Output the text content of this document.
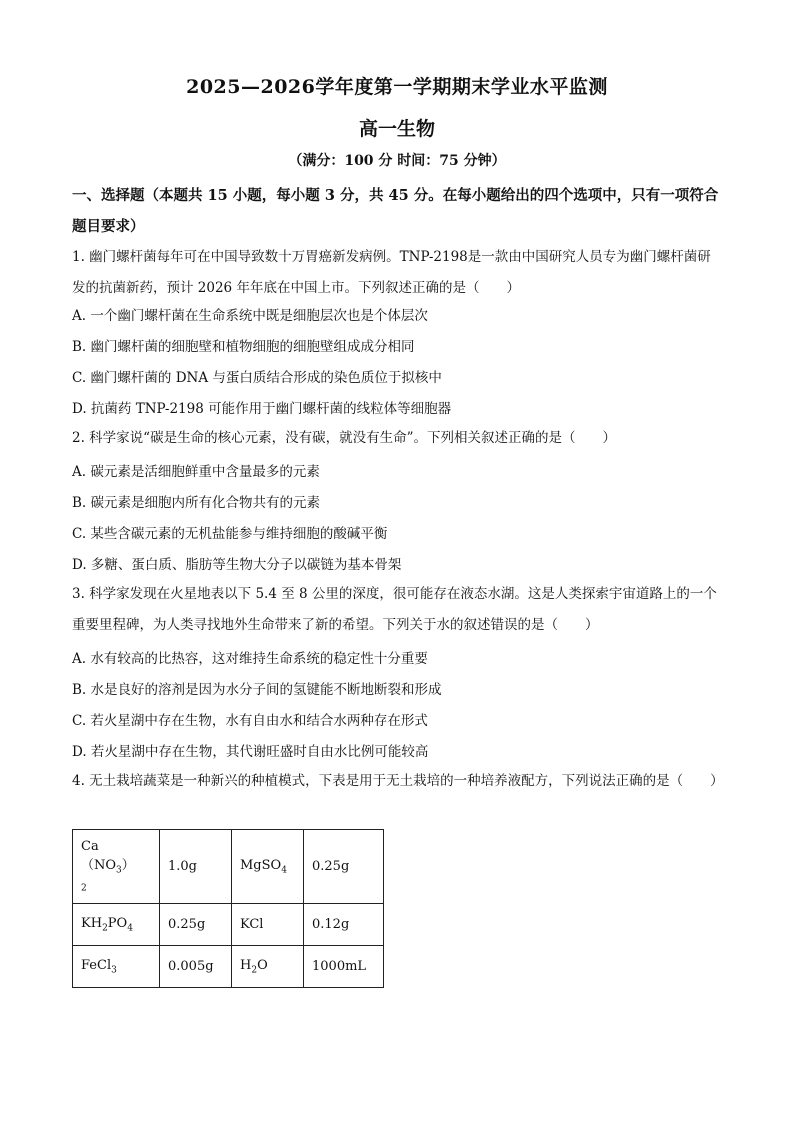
2025—2026学年度第一学期期末学业水平监测
高一生物
（满分：100 分 时间：75 分钟）
一、选择题（本题共 15 小题，每小题 3 分，共 45 分。在每小题给出的四个选项中，只有一项符合题目要求）
1. 幽门螺杆菌每年可在中国导致数十万胃癌新发病例。TNP-2198是一款由中国研究人员专为幽门螺杆菌研发的抗菌新药，预计 2026 年年底在中国上市。下列叙述正确的是（　　）
A. 一个幽门螺杆菌在生命系统中既是细胞层次也是个体层次
B. 幽门螺杆菌的细胞壁和植物细胞的细胞壁组成成分相同
C. 幽门螺杆菌的 DNA 与蛋白质结合形成的染色质位于拟核中
D. 抗菌药 TNP-2198 可能作用于幽门螺杆菌的线粒体等细胞器
2. 科学家说“碳是生命的核心元素，没有碳，就没有生命”。下列相关叙述正确的是（　　）
A. 碳元素是活细胞鲜重中含量最多的元素
B. 碳元素是细胞内所有化合物共有的元素
C. 某些含碳元素的无机盐能参与维持细胞的酸碱平衡
D. 多糖、蛋白质、脂肪等生物大分子以碳链为基本骨架
3. 科学家发现在火星地表以下 5.4 至 8 公里的深度，很可能存在液态水湖。这是人类探索宇宙道路上的一个重要里程碑，为人类寻找地外生命带来了新的希望。下列关于水的叙述错误的是（　　）
A. 水有较高的比热容，这对维持生命系统的稳定性十分重要
B. 水是良好的溶剂是因为水分子间的氢键能不断地断裂和形成
C. 若火星湖中存在生物，水有自由水和结合水两种存在形式
D. 若火星湖中存在生物，其代谢旺盛时自由水比例可能较高
4. 无土栽培蔬菜是一种新兴的种植模式，下表是用于无土栽培的一种培养液配方，下列说法正确的是（　　）
$Ca(NO_3)$
$_2$	1.0g	MgSO$_4$	0.25g
$KH_2PO_4$	0.25g	KCl	0.12g
FeCl$_3$	0.005g	$H_2O$	1000mL
